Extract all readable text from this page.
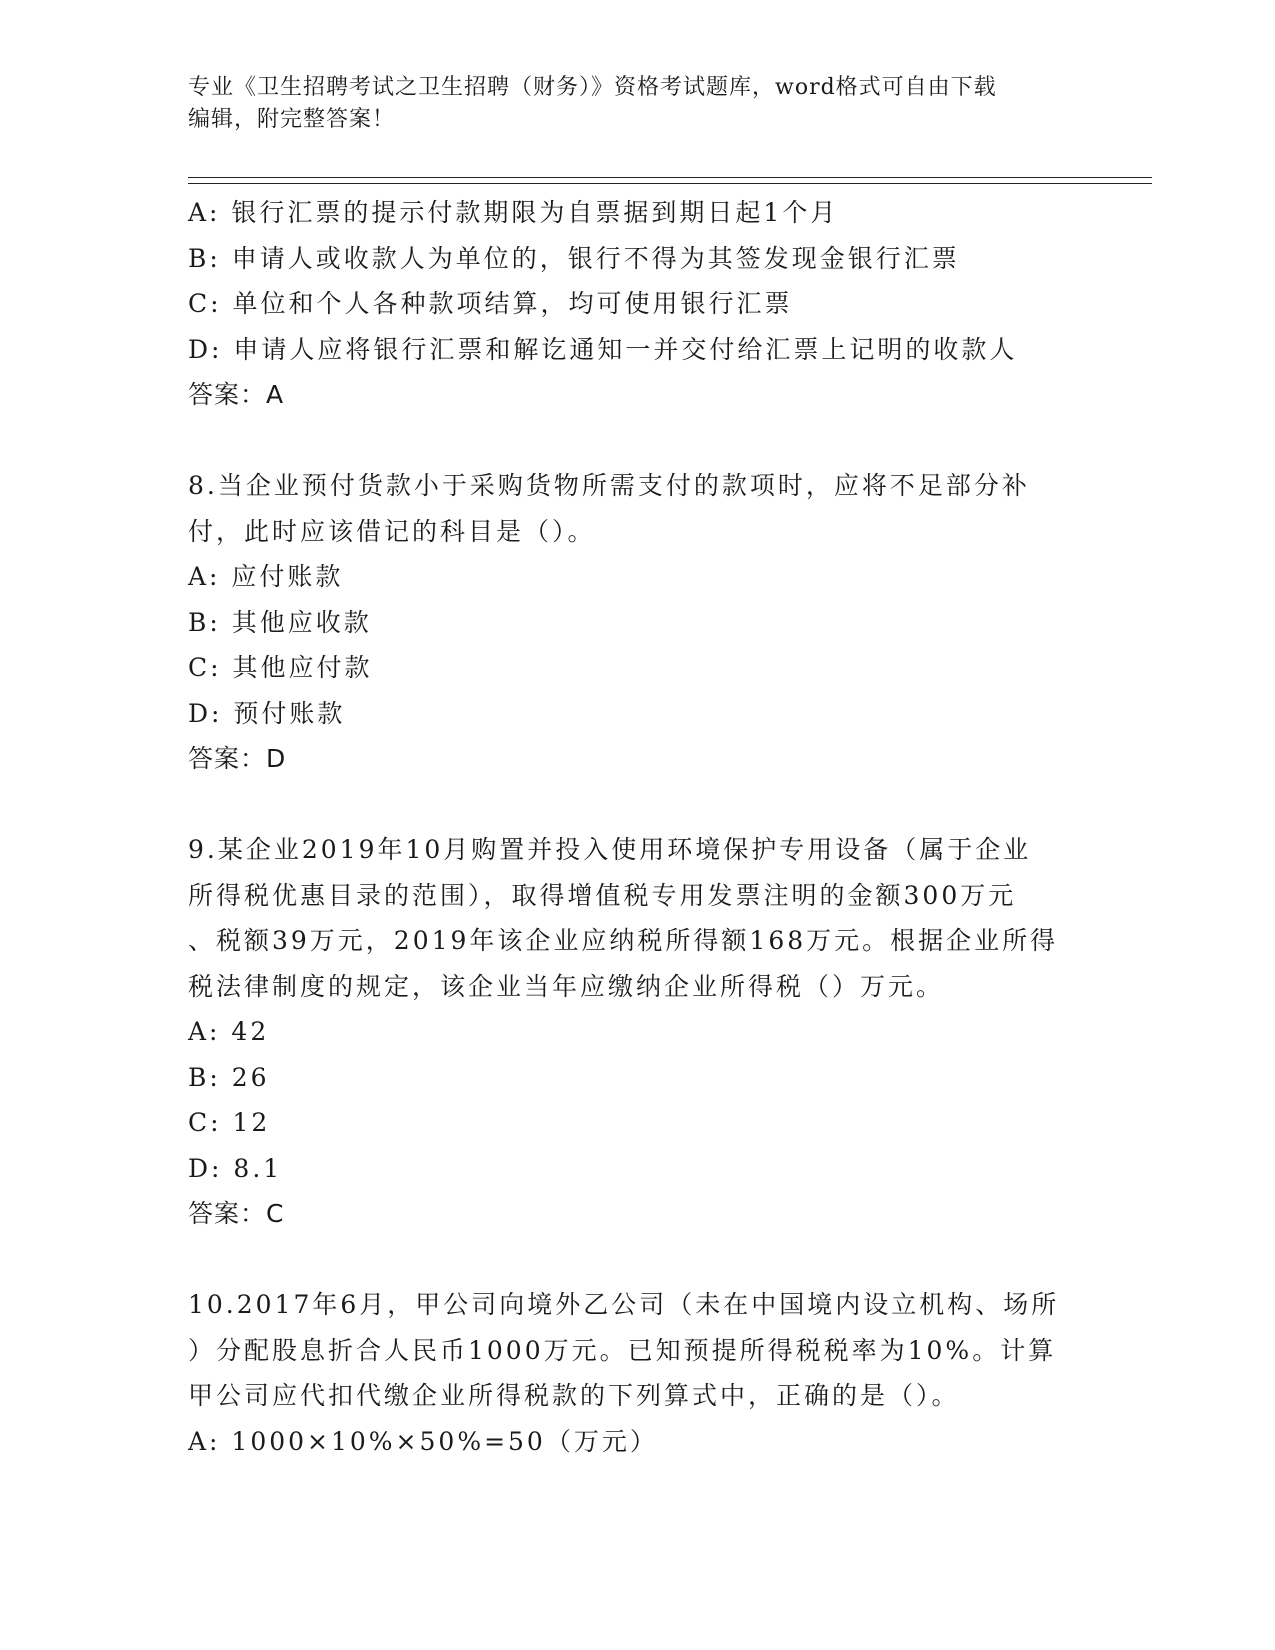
专业《卫生招聘考试之卫生招聘（财务）》资格考试题库，word格式可自由下载
编辑，附完整答案！
A: 银行汇票的提示付款期限为自票据到期日起1个月
B: 申请人或收款人为单位的，银行不得为其签发现金银行汇票
C: 单位和个人各种款项结算，均可使用银行汇票
D: 申请人应将银行汇票和解讫通知一并交付给汇票上记明的收款人
答案：A
8.当企业预付货款小于采购货物所需支付的款项时，应将不足部分补
付，此时应该借记的科目是（）。
A: 应付账款
B: 其他应收款
C: 其他应付款
D: 预付账款
答案：D
9.某企业2019年10月购置并投入使用环境保护专用设备（属于企业
所得税优惠目录的范围），取得增值税专用发票注明的金额300万元
、税额39万元，2019年该企业应纳税所得额168万元。根据企业所得
税法律制度的规定，该企业当年应缴纳企业所得税（）万元。
A: 42
B: 26
C: 12
D: 8.1
答案：C
10.2017年6月，甲公司向境外乙公司（未在中国境内设立机构、场所
）分配股息折合人民币1000万元。已知预提所得税税率为10%。计算
甲公司应代扣代缴企业所得税款的下列算式中，正确的是（）。
A: 1000×10%×50%=50（万元）
